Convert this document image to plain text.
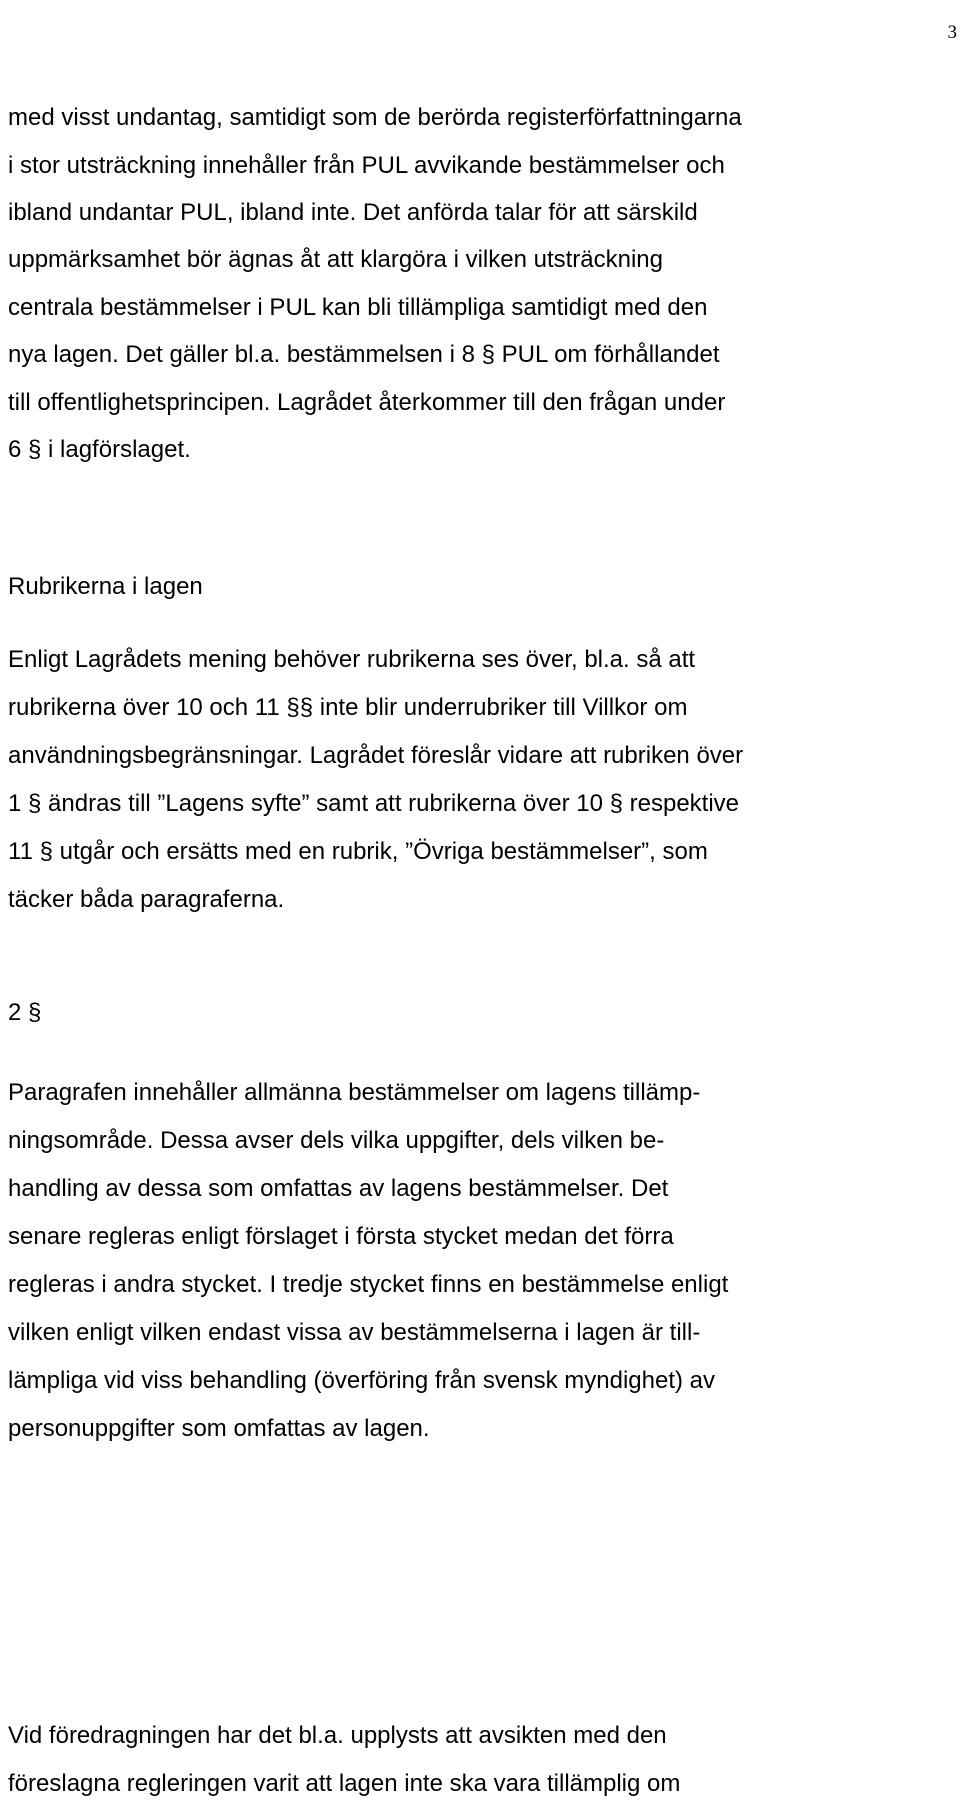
3
med visst undantag, samtidigt som de berörda registerförfattningarna
i stor utsträckning innehåller från PUL avvikande bestämmelser och
ibland undantar PUL, ibland inte. Det anförda talar för att särskild
uppmärksamhet bör ägnas åt att klargöra i vilken utsträckning
centrala bestämmelser i PUL kan bli tillämpliga samtidigt med den
nya lagen. Det gäller bl.a. bestämmelsen i 8 § PUL om förhållandet
till offentlighetsprincipen. Lagrådet återkommer till den frågan under
6 § i lagförslaget.
Rubrikerna i lagen
Enligt Lagrådets mening behöver rubrikerna ses över, bl.a. så att
rubrikerna över 10 och 11 §§ inte blir underrubriker till Villkor om
användningsbegränsningar. Lagrådet föreslår vidare att rubriken över
1 § ändras till ”Lagens syfte” samt att rubrikerna över 10 § respektive
11 § utgår och ersätts med en rubrik, ”Övriga bestämmelser”, som
täcker båda paragraferna.
2 §
Paragrafen innehåller allmänna bestämmelser om lagens tillämp-
ningsområde. Dessa avser dels vilka uppgifter, dels vilken be-
handling av dessa som omfattas av lagens bestämmelser. Det
senare regleras enligt förslaget i första stycket medan det förra
regleras i andra stycket. I tredje stycket finns en bestämmelse enligt
vilken enligt vilken endast vissa av bestämmelserna i lagen är till-
lämpliga vid viss behandling (överföring från svensk myndighet) av
personuppgifter som omfattas av lagen.
Vid föredragningen har det bl.a. upplysts att avsikten med den
föreslagna regleringen varit att lagen inte ska vara tillämplig om
